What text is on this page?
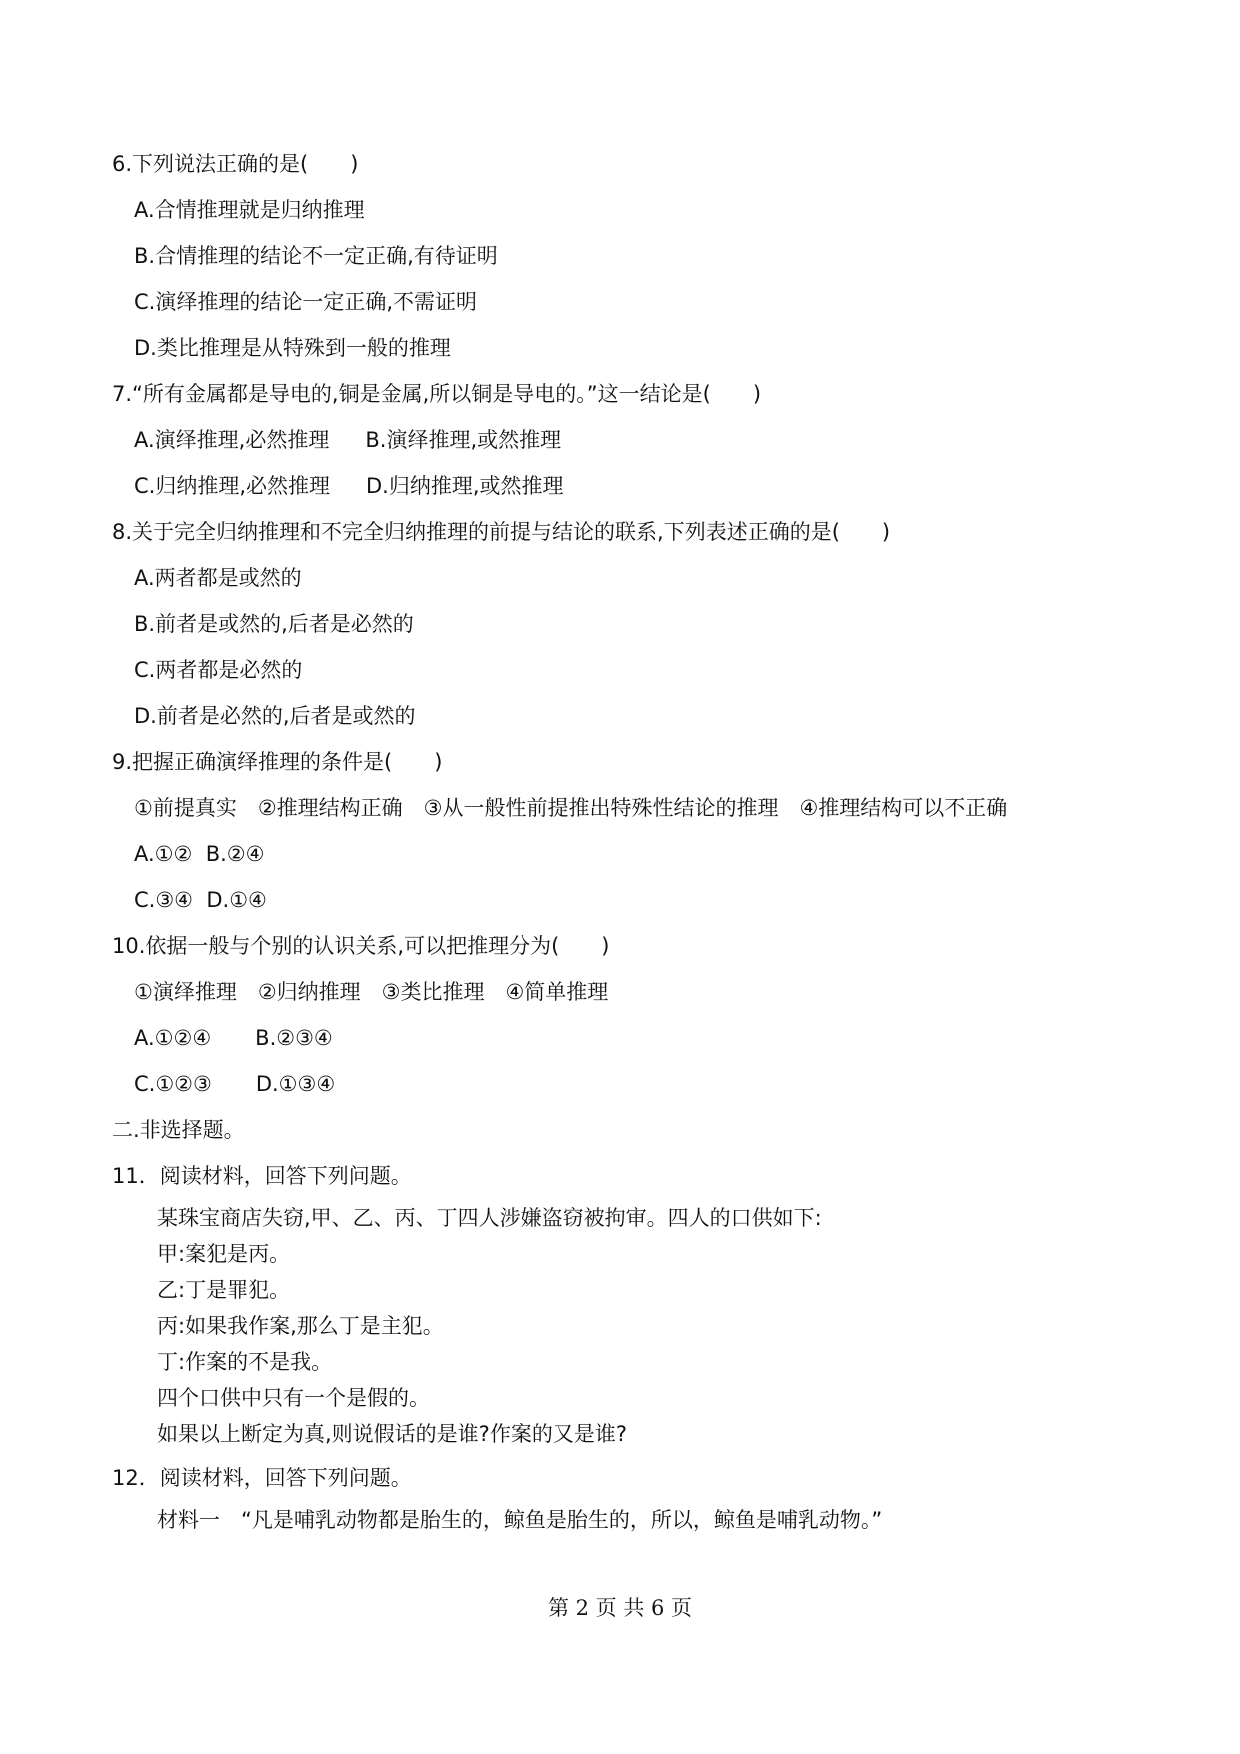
6.下列说法正确的是(　　)
A.合情推理就是归纳推理
B.合情推理的结论不一定正确,有待证明
C.演绎推理的结论一定正确,不需证明
D.类比推理是从特殊到一般的推理
7.“所有金属都是导电的,铜是金属,所以铜是导电的。”这一结论是(　　)
A.演绎推理,必然推理 B.演绎推理,或然推理
C.归纳推理,必然推理 D.归纳推理,或然推理
8.关于完全归纳推理和不完全归纳推理的前提与结论的联系,下列表述正确的是(　　)
A.两者都是或然的
B.前者是或然的,后者是必然的
C.两者都是必然的
D.前者是必然的,后者是或然的
9.把握正确演绎推理的条件是(　　)
①前提真实　②推理结构正确　③从一般性前提推出特殊性结论的推理　④推理结构可以不正确
A.①② B.②④
C.③④ D.①④
10.依据一般与个别的认识关系,可以把推理分为(　　)
①演绎推理　②归纳推理　③类比推理　④简单推理
A.①②④ B.②③④
C.①②③ D.①③④
二.非选择题。
11．阅读材料，回答下列问题。
某珠宝商店失窃,甲、乙、丙、丁四人涉嫌盗窃被拘审。四人的口供如下:
甲:案犯是丙。
乙:丁是罪犯。
丙:如果我作案,那么丁是主犯。
丁:作案的不是我。
四个口供中只有一个是假的。
如果以上断定为真,则说假话的是谁?作案的又是谁?
12．阅读材料，回答下列问题。
材料一　“凡是哺乳动物都是胎生的，鲸鱼是胎生的，所以，鲸鱼是哺乳动物。”
第 2 页 共 6 页
